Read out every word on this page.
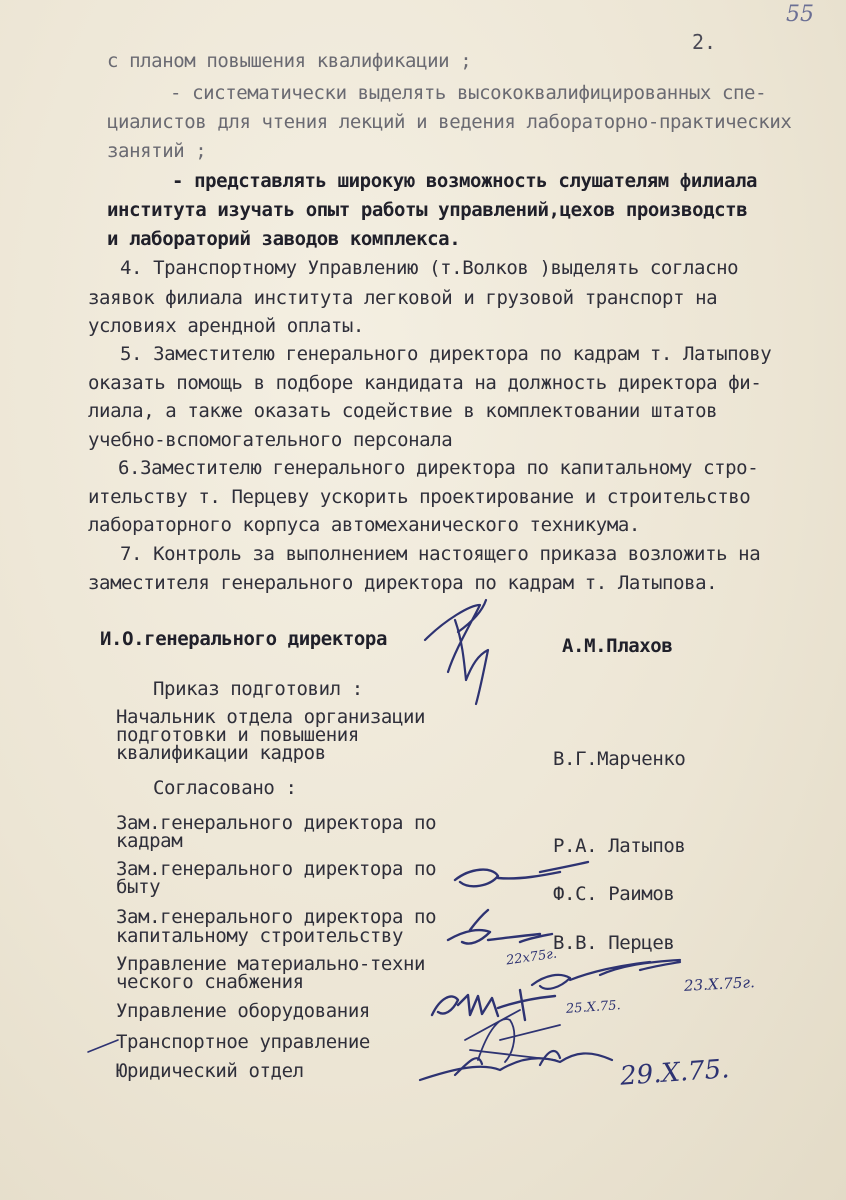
2.
55
с планом повышения квалификации ;
- систематически выделять высококвалифицированных спе-
циалистов для чтения лекций и ведения лабораторно-практических
занятий ;
- представлять широкую возможность слушателям филиала
института изучать опыт работы управлений,цехов производств
и лабораторий заводов комплекса.
4. Транспортному Управлению (т.Волков )выделять согласно
заявок филиала института легковой и грузовой транспорт на
условиях арендной оплаты.
5. Заместителю генерального директора по кадрам т. Латыпову
оказать помощь в подборе кандидата на должность директора фи-
лиала, а также оказать содействие в комплектовании штатов
учебно-вспомогательного персонала
6.Заместителю генерального директора по капитальному стро-
ительству т. Перцеву ускорить проектирование и строительство
лабораторного корпуса автомеханического техникума.
7. Контроль за выполнением настоящего приказа возложить на
заместителя генерального директора по кадрам т. Латыпова.
И.О.генерального директора	А.М.Плахов
Приказ подготовил :
Начальник отдела организации
подготовки и повышения
квалификации кадров	В.Г.Марченко
Согласовано :
Зам.генерального директора по
кадрам	Р.А. Латыпов
Зам.генерального директора по
быту	Ф.С. Раимов
Зам.генерального директора по
капитальному строительству	В.В. Перцев
Управление материально-техни
ческого снабжения
Управление оборудования
Транспортное управление
Юридический отдел
22x75г.
23.X.75г.
25.X.75.
29.X.75.
